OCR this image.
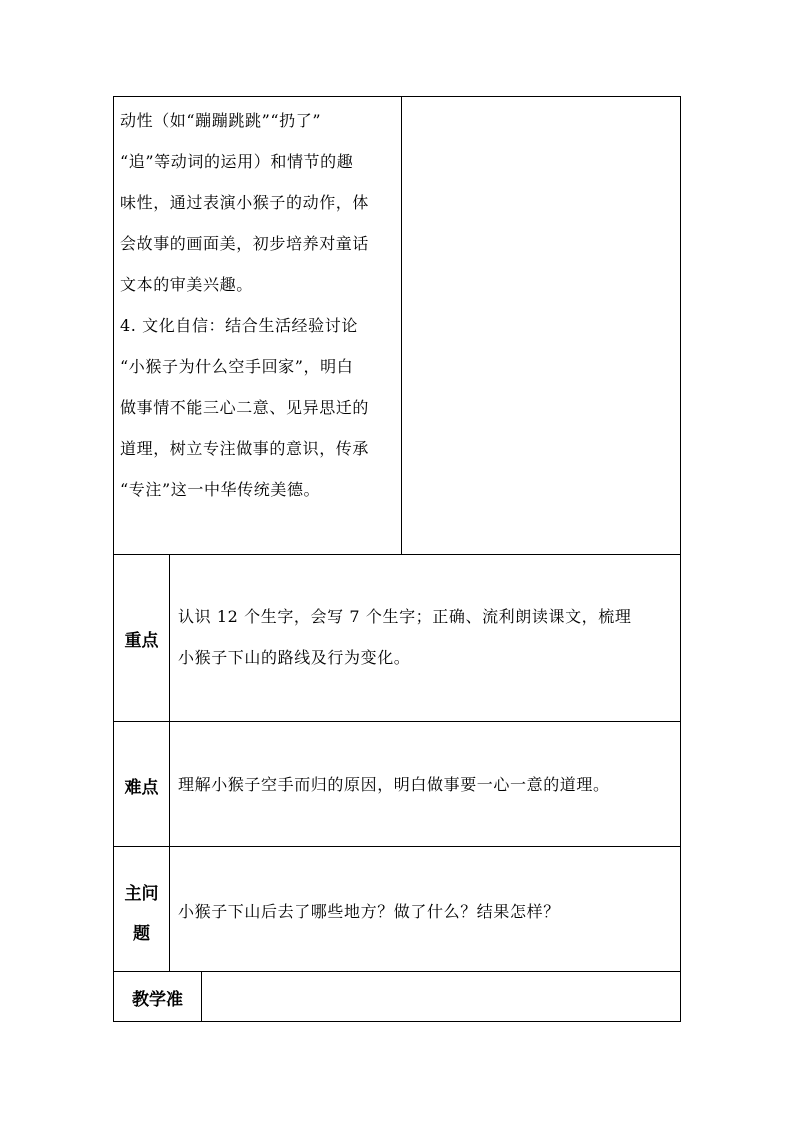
动性（如“蹦蹦跳跳”“扔了”
“追”等动词的运用）和情节的趣
味性，通过表演小猴子的动作，体
会故事的画面美，初步培养对童话
文本的审美兴趣。
4. 文化自信：结合生活经验讨论
“小猴子为什么空手回家”，明白
做事情不能三心二意、见异思迁的
道理，树立专注做事的意识，传承
“专注”这一中华传统美德。
重点
认识 12 个生字，会写 7 个生字；正确、流利朗读课文，梳理
小猴子下山的路线及行为变化。
难点	理解小猴子空手而归的原因，明白做事要一心一意的道理。
主问
题
小猴子下山后去了哪些地方？做了什么？结果怎样？
教学准
